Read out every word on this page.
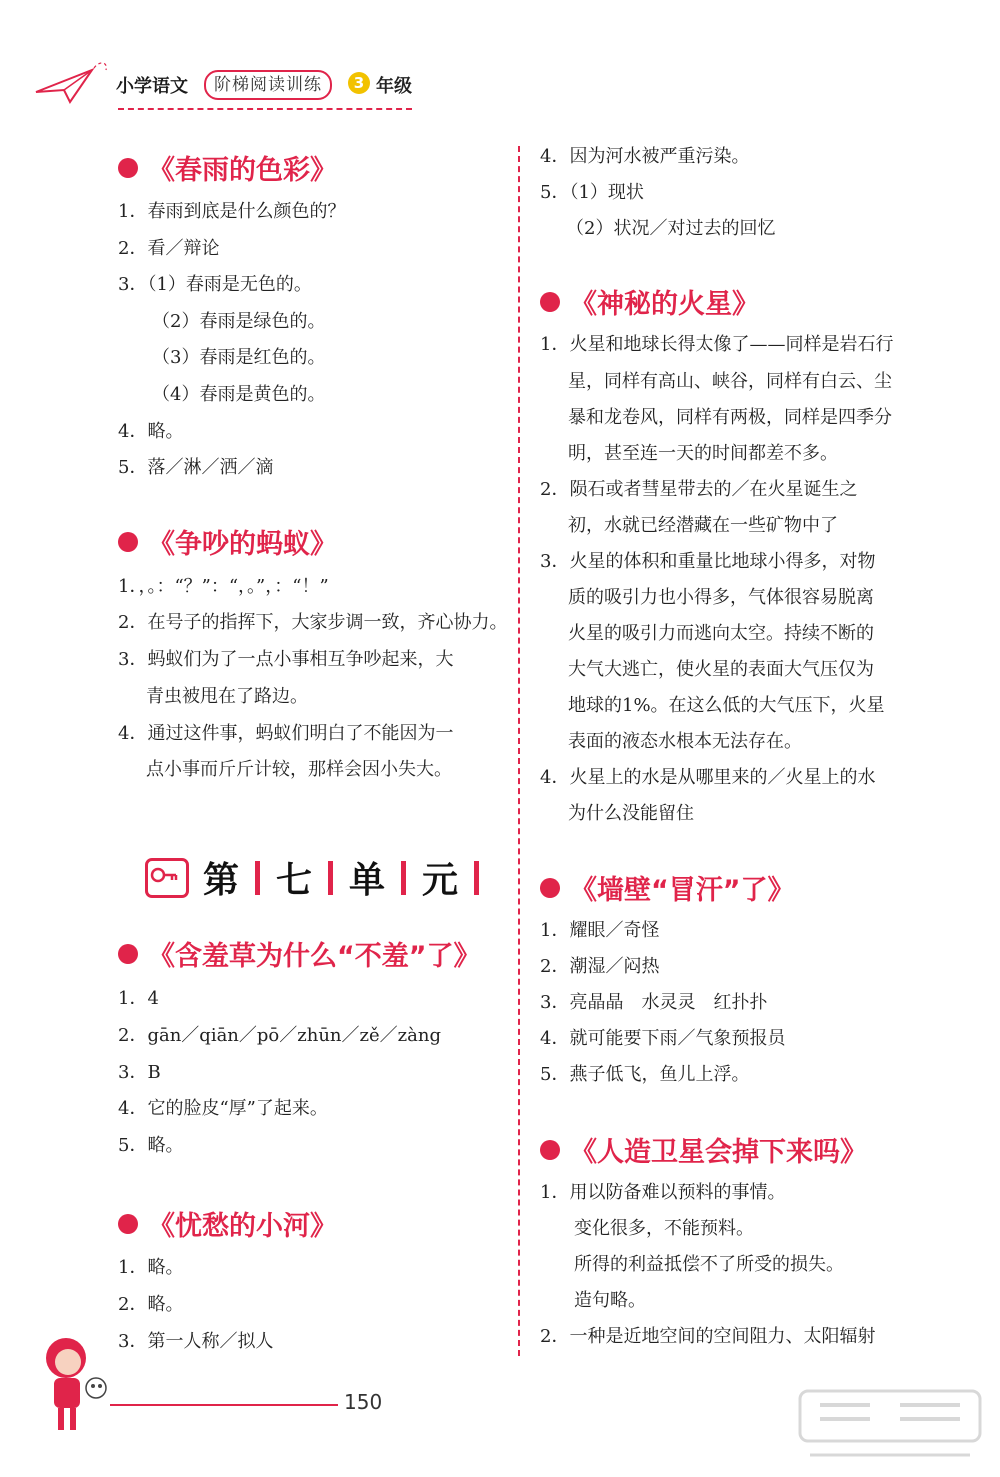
小学语文	阶梯阅读训练	3 年级
《春雨的色彩》
1．春雨到底是什么颜色的？
2．看／辩论
3．（1）春雨是无色的。
（2）春雨是绿色的。
（3）春雨是红色的。
（4）春雨是黄色的。
4．略。
5．落／淋／洒／滴
《争吵的蚂蚁》
1．，。：“？”：“，。”，：“！”
2．在号子的指挥下，大家步调一致，齐心协力。
3．蚂蚁们为了一点小事相互争吵起来，大
青虫被甩在了路边。
4．通过这件事，蚂蚁们明白了不能因为一
点小事而斤斤计较，那样会因小失大。
第 七 单 元
《含羞草为什么“不羞”了》
1．4
2．gān／qiān／pō／zhūn／zě／zàng
3．B
4．它的脸皮“厚”了起来。
5．略。
《忧愁的小河》
1．略。
2．略。
3．第一人称／拟人
4．因为河水被严重污染。
5．（1）现状
（2）状况／对过去的回忆
《神秘的火星》
1．火星和地球长得太像了——同样是岩石行
星，同样有高山、峡谷，同样有白云、尘
暴和龙卷风，同样有两极，同样是四季分
明，甚至连一天的时间都差不多。
2．陨石或者彗星带去的／在火星诞生之
初，水就已经潜藏在一些矿物中了
3．火星的体积和重量比地球小得多，对物
质的吸引力也小得多，气体很容易脱离
火星的吸引力而逃向太空。持续不断的
大气大逃亡，使火星的表面大气压仅为
地球的1%。在这么低的大气压下，火星
表面的液态水根本无法存在。
4．火星上的水是从哪里来的／火星上的水
为什么没能留住
《墙壁“冒汗”了》
1．耀眼／奇怪
2．潮湿／闷热
3．亮晶晶　水灵灵　红扑扑
4．就可能要下雨／气象预报员
5．燕子低飞，鱼儿上浮。
《人造卫星会掉下来吗》
1．用以防备难以预料的事情。
变化很多，不能预料。
所得的利益抵偿不了所受的损失。
造句略。
2．一种是近地空间的空间阻力、太阳辐射
150
